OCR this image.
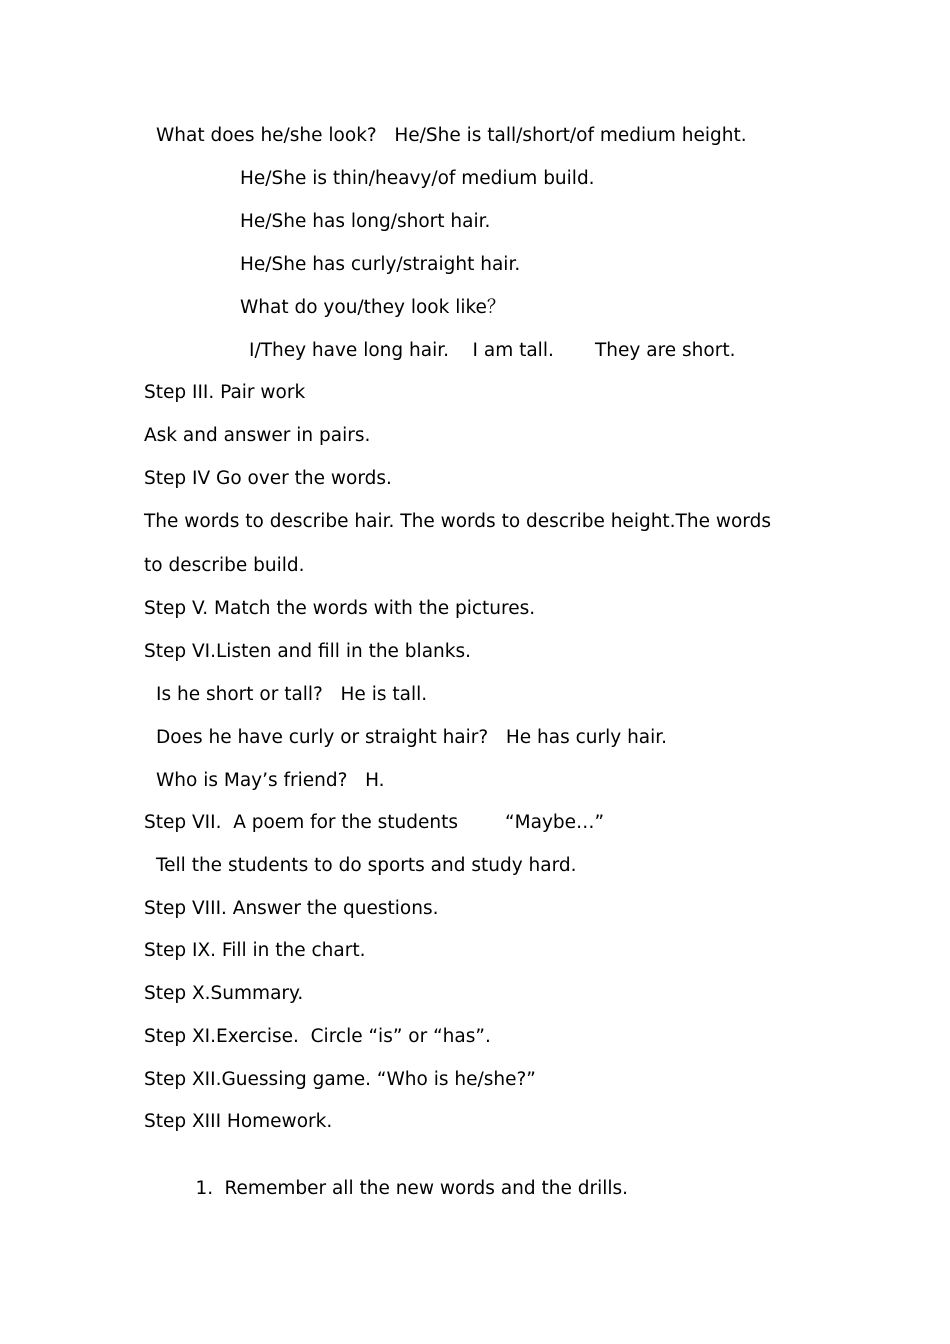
What does he/she look?   He/She is tall/short/of medium height.

He/She is thin/heavy/of medium build.

He/She has long/short hair.

He/She has curly/straight hair.

What do you/they look like？

I/They have long hair.    I am tall.       They are short.

Step III. Pair work

Ask and answer in pairs.

Step IV Go over the words.

The words to describe hair. The words to describe height.The words

to describe build.

Step V. Match the words with the pictures.

Step VI.Listen and fill in the blanks.

Is he short or tall?   He is tall.

Does he have curly or straight hair?   He has curly hair.

Who is May’s friend?   H.

Step VII.  A poem for the students        “Maybe…”

Tell the students to do sports and study hard.

Step VIII. Answer the questions.

Step IX. Fill in the chart.

Step X.Summary.

Step XI.Exercise.  Circle “is” or “has”.

Step XII.Guessing game. “Who is he/she?”

Step XIII Homework.

1. Remember all the new words and the drills.
